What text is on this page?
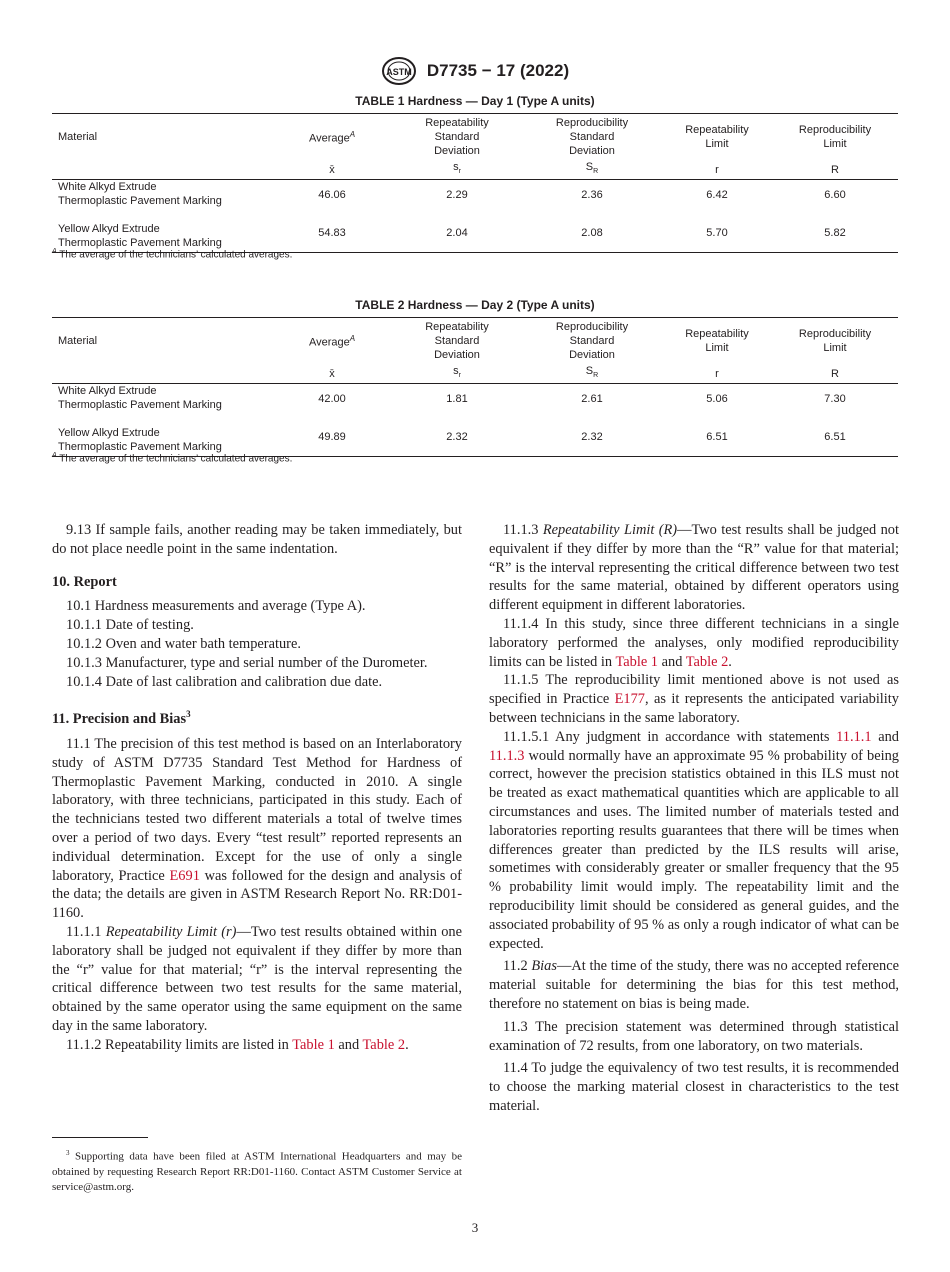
ASTM D7735 − 17 (2022)
TABLE 1 Hardness — Day 1 (Type A units)
Material	Average$^A$	Repeatability
Standard
Deviation	Reproducibility
Standard
Deviation	Repeatability
Limit	Reproducibility
Limit
	x̄	$s_r$	$S_R$	r	R
White Alkyd Extrude
Thermoplastic Pavement Marking	46.06	2.29	2.36	6.42	6.60
Yellow Alkyd Extrude
Thermoplastic Pavement Marking	54.83	2.04	2.08	5.70	5.82
$^A$ The average of the technicians’ calculated averages.
TABLE 2 Hardness — Day 2 (Type A units)
Material	Average$^A$	Repeatability
Standard
Deviation	Reproducibility
Standard
Deviation	Repeatability
Limit	Reproducibility
Limit
	x̄	$s_r$	$S_R$	r	R
White Alkyd Extrude
Thermoplastic Pavement Marking	42.00	1.81	2.61	5.06	7.30
Yellow Alkyd Extrude
Thermoplastic Pavement Marking	49.89	2.32	2.32	6.51	6.51
$^A$ The average of the technicians’ calculated averages.

9.13 If sample fails, another reading may be taken immediately, but do not place needle point in the same indentation.

10. Report

10.1 Hardness measurements and average (Type A).

10.1.1 Date of testing.

10.1.2 Oven and water bath temperature.

10.1.3 Manufacturer, type and serial number of the Durometer.

10.1.4 Date of last calibration and calibration due date.

11. Precision and Bias$^3$

11.1 The precision of this test method is based on an Interlaboratory study of ASTM D7735 Standard Test Method for Hardness of Thermoplastic Pavement Marking, conducted in 2010. A single laboratory, with three technicians, participated in this study. Each of the technicians tested two different materials a total of twelve times over a period of two days. Every “test result” reported represents an individual determination. Except for the use of only a single laboratory, Practice E691 was followed for the design and analysis of the data; the details are given in ASTM Research Report No. RR:D01-1160.

11.1.1 Repeatability Limit (r)—Two test results obtained within one laboratory shall be judged not equivalent if they differ by more than the “r” value for that material; “r” is the interval representing the critical difference between two test results for the same material, obtained by the same operator using the same equipment on the same day in the same laboratory.

11.1.2 Repeatability limits are listed in Table 1 and Table 2.

$^3$ Supporting data have been filed at ASTM International Headquarters and may be obtained by requesting Research Report RR:D01-1160. Contact ASTM Customer Service at service@astm.org.

11.1.3 Repeatability Limit (R)—Two test results shall be judged not equivalent if they differ by more than the “R” value for that material; “R” is the interval representing the critical difference between two test results for the same material, obtained by different operators using different equipment in different laboratories.

11.1.4 In this study, since three different technicians in a single laboratory performed the analyses, only modified reproducibility limits can be listed in Table 1 and Table 2.

11.1.5 The reproducibility limit mentioned above is not used as specified in Practice E177, as it represents the anticipated variability between technicians in the same laboratory.

11.1.5.1 Any judgment in accordance with statements 11.1.1 and 11.1.3 would normally have an approximate 95 % probability of being correct, however the precision statistics obtained in this ILS must not be treated as exact mathematical quantities which are applicable to all circumstances and uses. The limited number of materials tested and laboratories reporting results guarantees that there will be times when differences greater than predicted by the ILS results will arise, sometimes with considerably greater or smaller frequency that the 95 % probability limit would imply. The repeatability limit and the reproducibility limit should be considered as general guides, and the associated probability of 95 % as only a rough indicator of what can be expected.

11.2 Bias—At the time of the study, there was no accepted reference material suitable for determining the bias for this test method, therefore no statement on bias is being made.

11.3 The precision statement was determined through statistical examination of 72 results, from one laboratory, on two materials.

11.4 To judge the equivalency of two test results, it is recommended to choose the marking material closest in characteristics to the test material.

3
